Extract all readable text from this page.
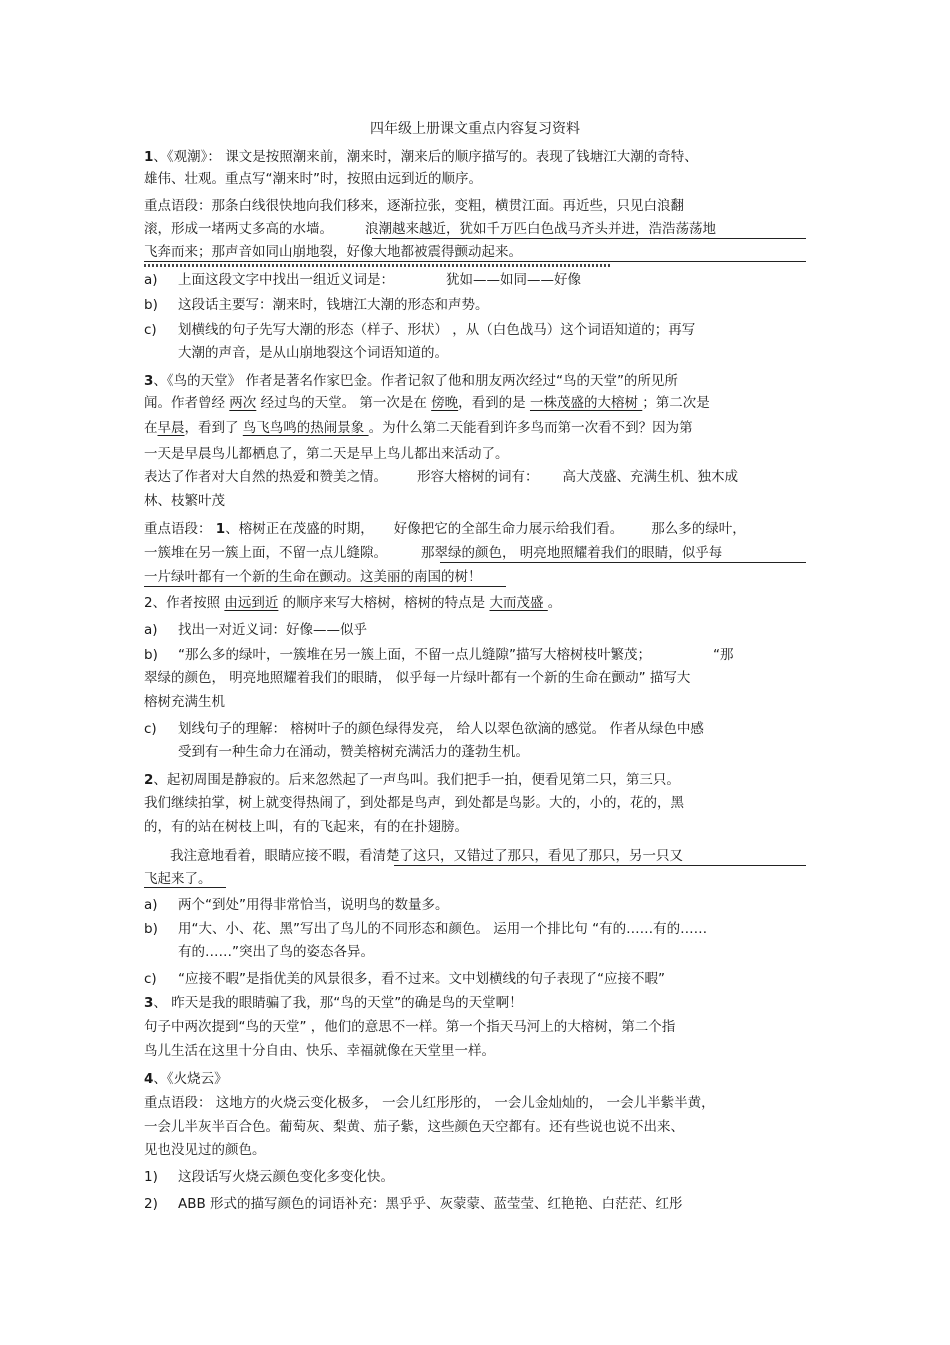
四年级上册课文重点内容复习资料
1、《观潮》： 课文是按照潮来前，潮来时，潮来后的顺序描写的。表现了钱塘江大潮的奇特、
雄伟、壮观。重点写“潮来时”时，按照由远到近的顺序。
重点语段：那条白线很快地向我们移来，逐渐拉张，变粗，横贯江面。再近些，只见白浪翻
滚，形成一堵两丈多高的水墙。 浪潮越来越近，犹如千万匹白色战马齐头并进，浩浩荡荡地
飞奔而来；那声音如同山崩地裂，好像大地都被震得颤动起来。
a) 上面这段文字中找出一组近义词是：	犹如——如同——好像
b) 这段话主要写：潮来时，钱塘江大潮的形态和声势。
c) 划横线的句子先写大潮的形态（样子、形状） ，从（白色战马）这个词语知道的；再写
大潮的声音，是从山崩地裂这个词语知道的。
3、《鸟的天堂》 作者是著名作家巴金。作者记叙了他和朋友两次经过“鸟的天堂”的所见所
闻。作者曾经 两次 经过鸟的天堂。 第一次是在 傍晚，看到的是 一株茂盛的大榕树 ；第二次是
在早晨，看到了 鸟飞鸟鸣的热闹景象 。为什么第二天能看到许多鸟而第一次看不到？因为第
一天是早晨鸟儿都栖息了，第二天是早上鸟儿都出来活动了。
表达了作者对大自然的热爱和赞美之情。 形容大榕树的词有： 高大茂盛、充满生机、独木成
林、枝繁叶茂
重点语段： 1、榕树正在茂盛的时期， 好像把它的全部生命力展示给我们看。 那么多的绿叶，
一簇堆在另一簇上面，不留一点儿缝隙。	那翠绿的颜色， 明亮地照耀着我们的眼睛，似乎每
一片绿叶都有一个新的生命在颤动。这美丽的南国的树！
2、作者按照 由远到近 的顺序来写大榕树，榕树的特点是 大而茂盛 。
a) 找出一对近义词：好像——似乎
b) “那么多的绿叶，一簇堆在另一簇上面，不留一点儿缝隙”描写大榕树枝叶繁茂；	“那
翠绿的颜色， 明亮地照耀着我们的眼睛， 似乎每一片绿叶都有一个新的生命在颤动” 描写大
榕树充满生机
c) 划线句子的理解： 榕树叶子的颜色绿得发亮， 给人以翠色欲滴的感觉。 作者从绿色中感
受到有一种生命力在涌动，赞美榕树充满活力的蓬勃生机。
2、起初周围是静寂的。后来忽然起了一声鸟叫。我们把手一拍，便看见第二只，第三只。
我们继续拍掌，树上就变得热闹了，到处都是鸟声，到处都是鸟影。大的，小的，花的，黑
的，有的站在树枝上叫，有的飞起来，有的在扑翅膀。
我注意地看着，眼睛应接不暇，看清楚了这只，又错过了那只，看见了那只，另一只又
飞起来了。
a) 两个“到处”用得非常恰当，说明鸟的数量多。
b) 用“大、小、花、黑”写出了鸟儿的不同形态和颜色。 运用一个排比句 “有的……有的……
有的……”突出了鸟的姿态各异。
c) “应接不暇”是指优美的风景很多，看不过来。文中划横线的句子表现了“应接不暇”
3、 昨天是我的眼睛骗了我，那“鸟的天堂”的确是鸟的天堂啊！
句子中两次提到“鸟的天堂” ，他们的意思不一样。第一个指天马河上的大榕树，第二个指
鸟儿生活在这里十分自由、快乐、幸福就像在天堂里一样。
4、《火烧云》
重点语段： 这地方的火烧云变化极多， 一会儿红彤彤的， 一会儿金灿灿的， 一会儿半紫半黄，
一会儿半灰半百合色。葡萄灰、梨黄、茄子紫，这些颜色天空都有。还有些说也说不出来、
见也没见过的颜色。
1) 这段话写火烧云颜色变化多变化快。
2) ABB 形式的描写颜色的词语补充：黑乎乎、灰蒙蒙、蓝莹莹、红艳艳、白茫茫、红彤
